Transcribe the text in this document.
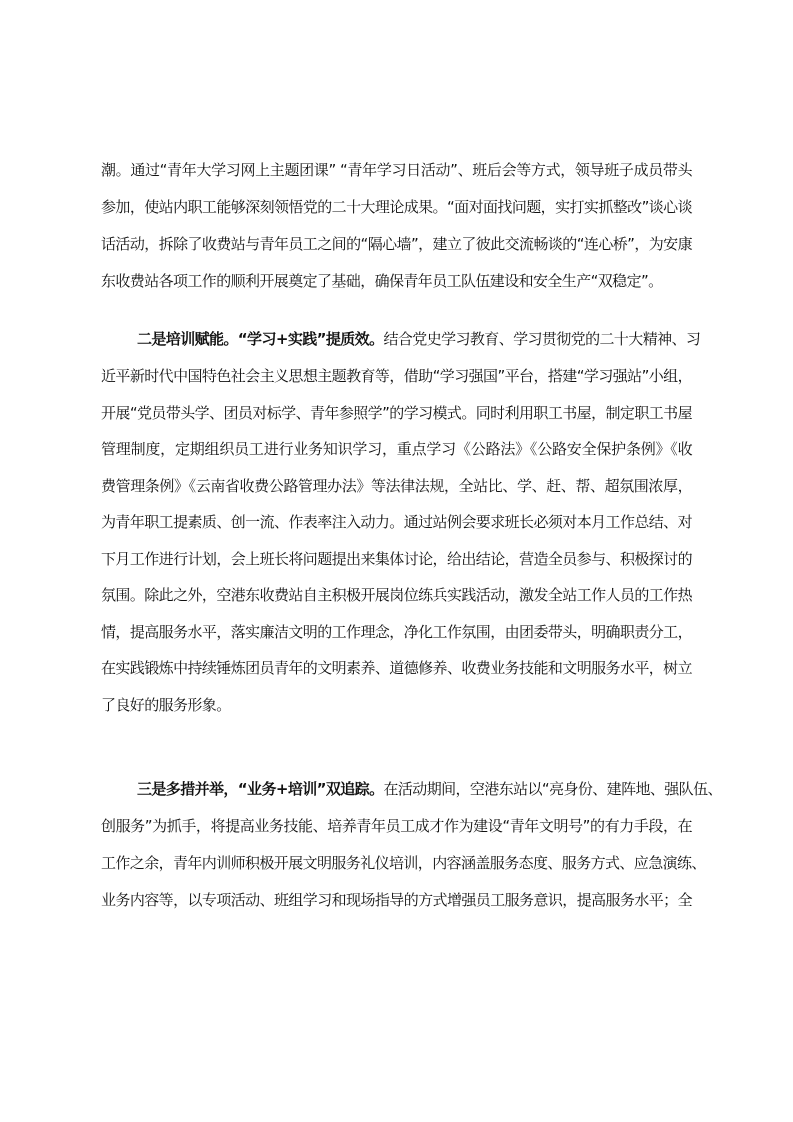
潮。通过“青年大学习网上主题团课” “青年学习日活动”、班后会等方式，领导班子成员带头
参加，使站内职工能够深刻领悟党的二十大理论成果。“面对面找问题，实打实抓整改”谈心谈
话活动，拆除了收费站与青年员工之间的“隔心墙”，建立了彼此交流畅谈的“连心桥”，为安康
东收费站各项工作的顺利开展奠定了基础，确保青年员工队伍建设和安全生产“双稳定”。
二是培训赋能。“学习+实践”提质效。结合党史学习教育、学习贯彻党的二十大精神、习
近平新时代中国特色社会主义思想主题教育等，借助“学习强国”平台，搭建“学习强站”小组，
开展“党员带头学、团员对标学、青年参照学”的学习模式。同时利用职工书屋，制定职工书屋
管理制度，定期组织员工进行业务知识学习，重点学习《公路法》《公路安全保护条例》《收
费管理条例》《云南省收费公路管理办法》等法律法规，全站比、学、赶、帮、超氛围浓厚，
为青年职工提素质、创一流、作表率注入动力。通过站例会要求班长必须对本月工作总结、对
下月工作进行计划，会上班长将问题提出来集体讨论，给出结论，营造全员参与、积极探讨的
氛围。除此之外，空港东收费站自主积极开展岗位练兵实践活动，激发全站工作人员的工作热
情，提高服务水平，落实廉洁文明的工作理念，净化工作氛围，由团委带头，明确职责分工，
在实践锻炼中持续锤炼团员青年的文明素养、道德修养、收费业务技能和文明服务水平，树立
了良好的服务形象。
三是多措并举，“业务+培训”双追踪。在活动期间，空港东站以“亮身份、建阵地、强队伍、
创服务”为抓手，将提高业务技能、培养青年员工成才作为建设“青年文明号”的有力手段，在
工作之余，青年内训师积极开展文明服务礼仪培训，内容涵盖服务态度、服务方式、应急演练、
业务内容等，以专项活动、班组学习和现场指导的方式增强员工服务意识，提高服务水平；全
